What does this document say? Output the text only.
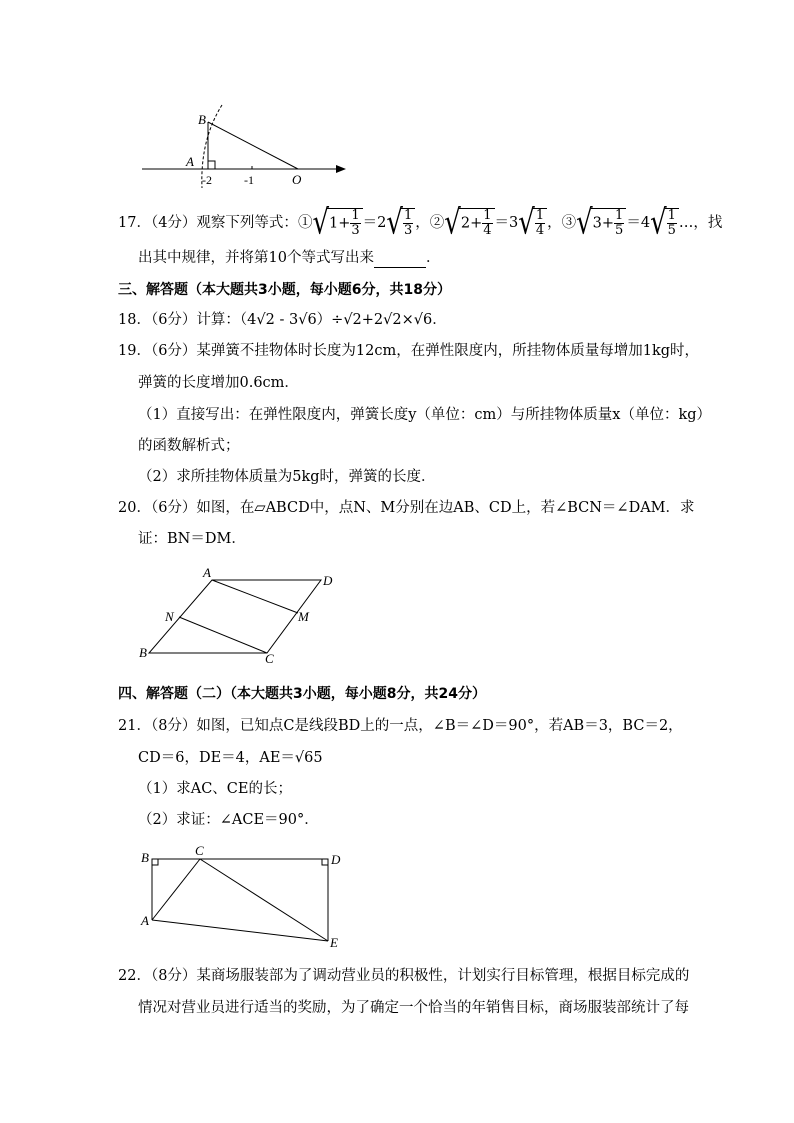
B
A
-2	-1	O
17．（4分）观察下列等式：①√1+ $\frac{1}{3} =2√ \frac{1}{3}$ ，②√2+ $\frac{1}{4} =3√ \frac{1}{4}$ ，③√3+ $\frac{1}{5} =4√ \frac{1}{5}$ …，找
出其中规律，并将第10个等式写出来	．
三、解答题（本大题共3小题，每小题6分，共18分）
18．（6分）计算：（4√2 - 3√6）÷√2+2√2×√6．
19．（6分）某弹簧不挂物体时长度为12cm，在弹性限度内，所挂物体质量每增加1kg时，
弹簧的长度增加0.6cm．
（1）直接写出：在弹性限度内，弹簧长度y（单位：cm）与所挂物体质量x（单位：kg）
的函数解析式；
（2）求所挂物体质量为5kg时，弹簧的长度．
20．（6分）如图，在▱ABCD中，点N、M分别在边AB、CD上，若∠BCN＝∠DAM．求
证：BN＝DM．
A
D
N	M
B	C
四、解答题（二）（本大题共3小题，每小题8分，共24分）
21．（8分）如图，已知点C是线段BD上的一点，∠B＝∠D＝90°，若AB＝3，BC＝2，
CD＝6，DE＝4，AE＝√65
（1）求AC、CE的长；
（2）求证：∠ACE＝90°．
B	C
D
A
E
22．（8分）某商场服装部为了调动营业员的积极性，计划实行目标管理，根据目标完成的
情况对营业员进行适当的奖励，为了确定一个恰当的年销售目标，商场服装部统计了每
